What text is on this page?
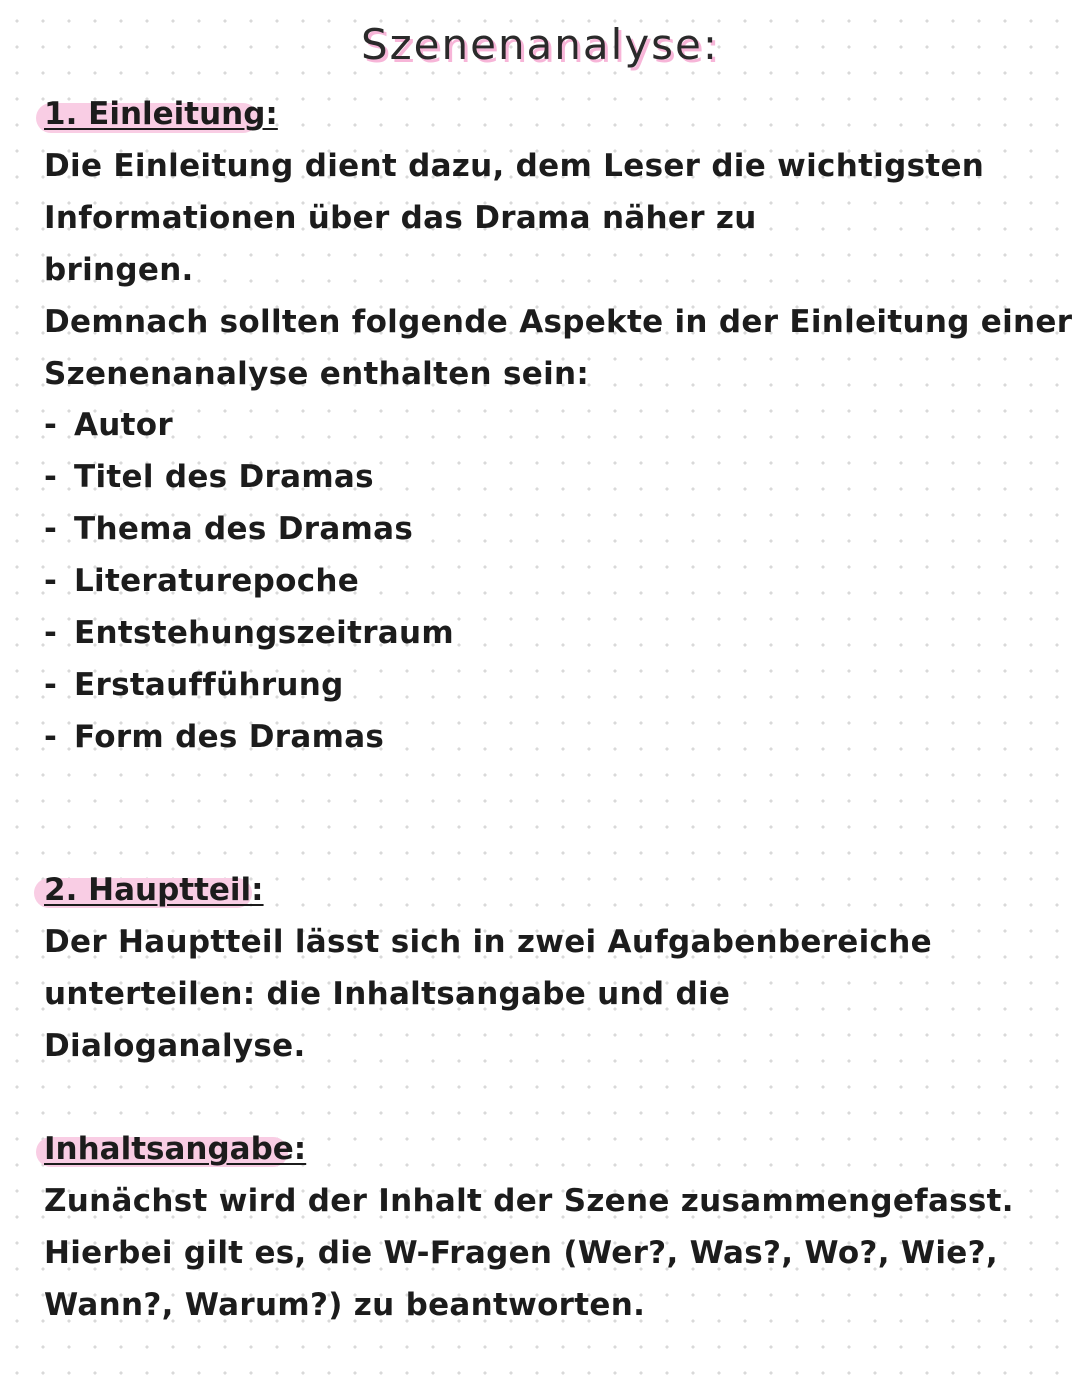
Szenenanalyse:
1. Einleitung:
Die Einleitung dient dazu, dem Leser die wichtigsten
Informationen über das Drama näher zu
bringen.
Demnach sollten folgende Aspekte in der Einleitung einer
Szenenanalyse enthalten sein:
- Autor
- Titel des Dramas
- Thema des Dramas
- Literaturepoche
- Entstehungszeitraum
- Erstaufführung
- Form des Dramas
2. Hauptteil:
Der Hauptteil lässt sich in zwei Aufgabenbereiche
unterteilen: die Inhaltsangabe und die
Dialoganalyse.
Inhaltsangabe:
Zunächst wird der Inhalt der Szene zusammengefasst.
Hierbei gilt es, die W-Fragen (Wer?, Was?, Wo?, Wie?,
Wann?, Warum?) zu beantworten.
